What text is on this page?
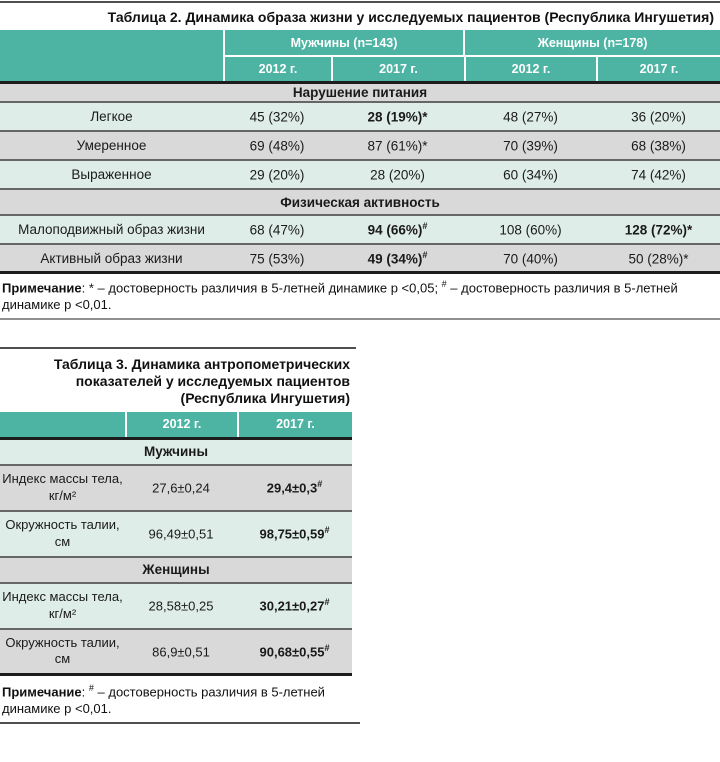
Таблица 2. Динамика образа жизни у исследуемых пациентов (Республика Ингушетия)
Мужчины (n=143)	Женщины (n=178)
2012 г.	2017 г.	2012 г.	2017 г.
Нарушение питания
Легкое	45 (32%)	28 (19%)*	48 (27%)	36 (20%)
Умеренное	69 (48%)	87 (61%)*	70 (39%)	68 (38%)
Выраженное	29 (20%)	28 (20%)	60 (34%)	74 (42%)
Физическая активность
Малоподвижный образ жизни	68 (47%)	94 (66%)#	108 (60%)	128 (72%)*
Активный образ жизни	75 (53%)	49 (34%)#	70 (40%)	50 (28%)*

Примечание: * – достоверность различия в 5-летней динамике р <0,05; # – достоверность различия в 5-летней динамике р <0,01.

Таблица 3. Динамика антропометрических
показателей у исследуемых пациентов
(Республика Ингушетия)
2012 г.	2017 г.
Мужчины
Индекс массы тела,
кг/м²	27,6±0,24	29,4±0,3#
Окружность талии,
см	96,49±0,51	98,75±0,59#
Женщины
Индекс массы тела,
кг/м²	28,58±0,25	30,21±0,27#
Окружность талии,
см	86,9±0,51	90,68±0,55#

Примечание: # – достоверность различия в 5-летней динамике р <0,01.
